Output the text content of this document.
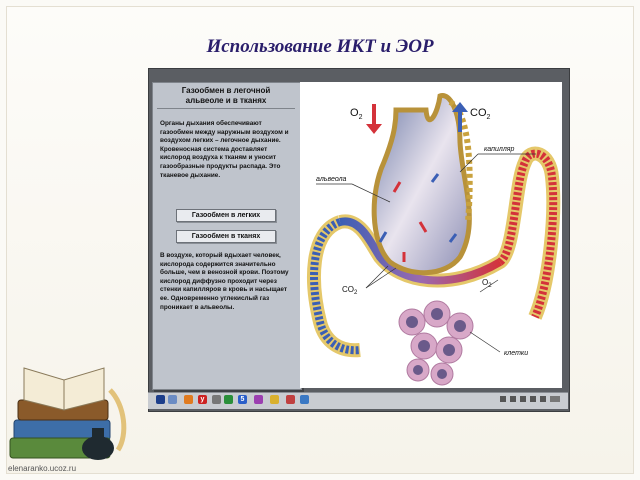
Использование ИКТ и ЭОР
Газообмен в легочной
альвеоле и в тканях
Органы дыхания обеспечивают газообмен между наружным воздухом и воздухом легких – легочное дыхание. Кровеносная система доставляет кислород воздуха к тканям и уносит газообразные продукты распада. Это тканевое дыхание.
Газообмен в легких
Газообмен в тканях
В воздухе, который вдыхает человек, кислорода содержится значительно больше, чем в венозной крови. Поэтому кислород диффузно проходит через стенки капилляров в кровь и насыщает ее. Одновременно углекислый газ проникает в альвеолы.
$O_2$	$CO_2$
капилляр
альвеола
$O_2$
$CO_2$
клетки
y	5
elenaranko.ucoz.ru
